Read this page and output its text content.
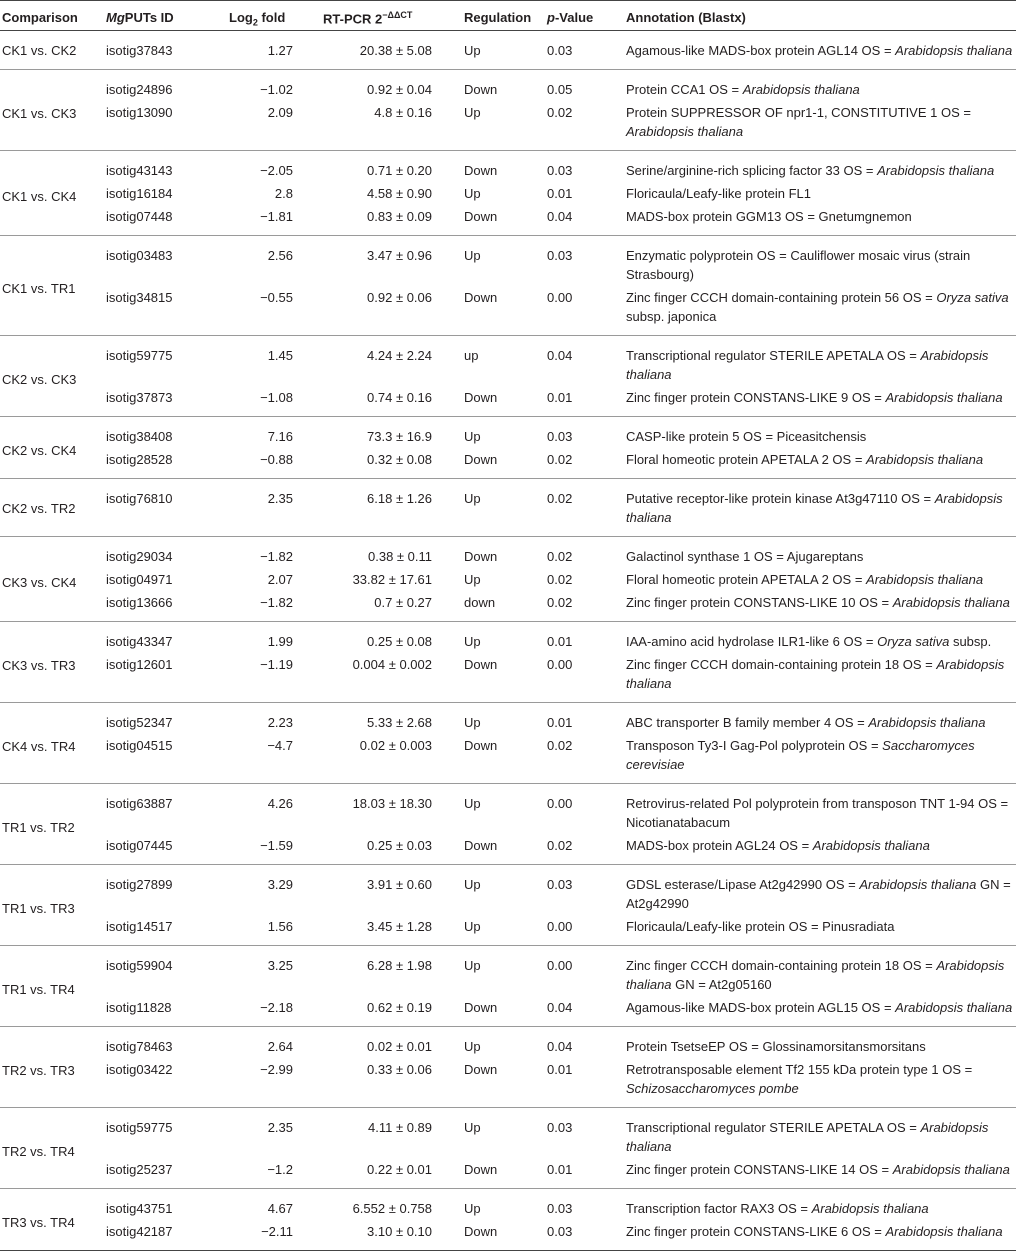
Comparison	MgPUTs ID	Log$_2$ fold	RT-PCR $2^{-\Delta\Delta CT}$	Regulation	p-Value	Annotation (Blastx)
CK1 vs. CK2	isotig37843	1.27	20.38 ± 5.08	Up	0.03	Agamous-like MADS-box protein AGL14 OS = Arabidopsis thaliana
CK1 vs. CK3	isotig24896	−1.02	0.92 ± 0.04	Down	0.05	Protein CCA1 OS = Arabidopsis thaliana
	isotig13090	2.09	4.8 ± 0.16	Up	0.02	Protein SUPPRESSOR OF npr1-1, CONSTITUTIVE 1 OS = Arabidopsis thaliana
CK1 vs. CK4	isotig43143	−2.05	0.71 ± 0.20	Down	0.03	Serine/arginine-rich splicing factor 33 OS = Arabidopsis thaliana
	isotig16184	2.8	4.58 ± 0.90	Up	0.01	Floricaula/Leafy-like protein FL1
	isotig07448	−1.81	0.83 ± 0.09	Down	0.04	MADS-box protein GGM13 OS = Gnetumgnemon
CK1 vs. TR1	isotig03483	2.56	3.47 ± 0.96	Up	0.03	Enzymatic polyprotein OS = Cauliflower mosaic virus (strain Strasbourg)
	isotig34815	−0.55	0.92 ± 0.06	Down	0.00	Zinc finger CCCH domain-containing protein 56 OS = Oryza sativa subsp. japonica
CK2 vs. CK3	isotig59775	1.45	4.24 ± 2.24	up	0.04	Transcriptional regulator STERILE APETALA OS = Arabidopsis thaliana
	isotig37873	−1.08	0.74 ± 0.16	Down	0.01	Zinc finger protein CONSTANS-LIKE 9 OS = Arabidopsis thaliana
CK2 vs. CK4	isotig38408	7.16	73.3 ± 16.9	Up	0.03	CASP-like protein 5 OS = Piceasitchensis
	isotig28528	−0.88	0.32 ± 0.08	Down	0.02	Floral homeotic protein APETALA 2 OS = Arabidopsis thaliana
CK2 vs. TR2	isotig76810	2.35	6.18 ± 1.26	Up	0.02	Putative receptor-like protein kinase At3g47110 OS = Arabidopsis thaliana
CK3 vs. CK4	isotig29034	−1.82	0.38 ± 0.11	Down	0.02	Galactinol synthase 1 OS = Ajugareptans
	isotig04971	2.07	33.82 ± 17.61	Up	0.02	Floral homeotic protein APETALA 2 OS = Arabidopsis thaliana
	isotig13666	−1.82	0.7 ± 0.27	down	0.02	Zinc finger protein CONSTANS-LIKE 10 OS = Arabidopsis thaliana
CK3 vs. TR3	isotig43347	1.99	0.25 ± 0.08	Up	0.01	IAA-amino acid hydrolase ILR1-like 6 OS = Oryza sativa subsp.
	isotig12601	−1.19	0.004 ± 0.002	Down	0.00	Zinc finger CCCH domain-containing protein 18 OS = Arabidopsis thaliana
CK4 vs. TR4	isotig52347	2.23	5.33 ± 2.68	Up	0.01	ABC transporter B family member 4 OS = Arabidopsis thaliana
	isotig04515	−4.7	0.02 ± 0.003	Down	0.02	Transposon Ty3-I Gag-Pol polyprotein OS = Saccharomyces cerevisiae
TR1 vs. TR2	isotig63887	4.26	18.03 ± 18.30	Up	0.00	Retrovirus-related Pol polyprotein from transposon TNT 1-94 OS = Nicotianatabacum
	isotig07445	−1.59	0.25 ± 0.03	Down	0.02	MADS-box protein AGL24 OS = Arabidopsis thaliana
TR1 vs. TR3	isotig27899	3.29	3.91 ± 0.60	Up	0.03	GDSL esterase/Lipase At2g42990 OS = Arabidopsis thaliana GN = At2g42990
	isotig14517	1.56	3.45 ± 1.28	Up	0.00	Floricaula/Leafy-like protein OS = Pinusradiata
TR1 vs. TR4	isotig59904	3.25	6.28 ± 1.98	Up	0.00	Zinc finger CCCH domain-containing protein 18 OS = Arabidopsis thaliana GN = At2g05160
	isotig11828	−2.18	0.62 ± 0.19	Down	0.04	Agamous-like MADS-box protein AGL15 OS = Arabidopsis thaliana
TR2 vs. TR3	isotig78463	2.64	0.02 ± 0.01	Up	0.04	Protein TsetseEP OS = Glossinamorsitansmorsitans
	isotig03422	−2.99	0.33 ± 0.06	Down	0.01	Retrotransposable element Tf2 155 kDa protein type 1 OS = Schizosaccharomyces pombe
TR2 vs. TR4	isotig59775	2.35	4.11 ± 0.89	Up	0.03	Transcriptional regulator STERILE APETALA OS = Arabidopsis thaliana
	isotig25237	−1.2	0.22 ± 0.01	Down	0.01	Zinc finger protein CONSTANS-LIKE 14 OS = Arabidopsis thaliana
TR3 vs. TR4	isotig43751	4.67	6.552 ± 0.758	Up	0.03	Transcription factor RAX3 OS = Arabidopsis thaliana
	isotig42187	−2.11	3.10 ± 0.10	Down	0.03	Zinc finger protein CONSTANS-LIKE 6 OS = Arabidopsis thaliana
